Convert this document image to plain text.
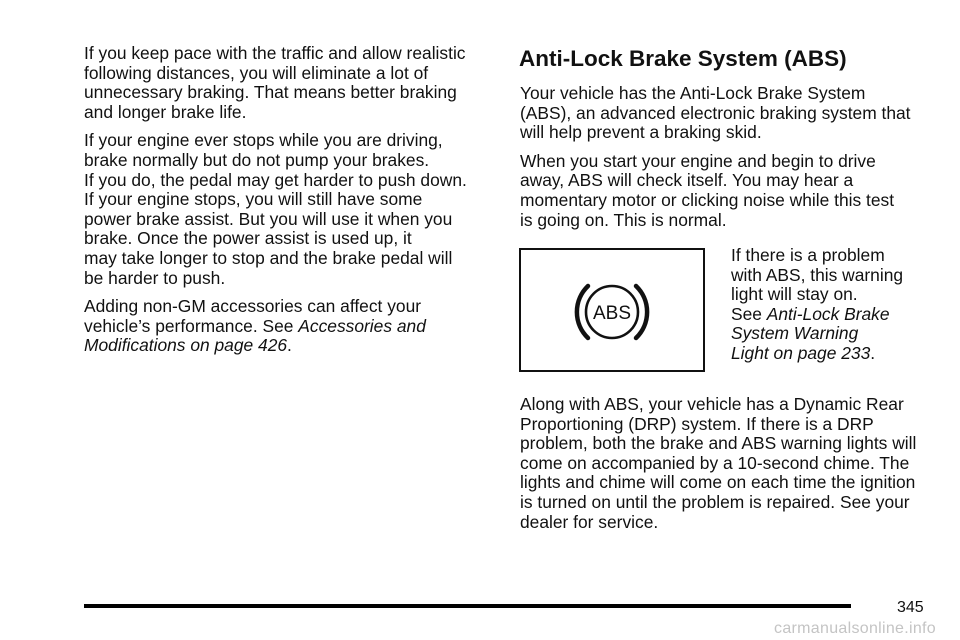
If you keep pace with the traffic and allow realistic
following distances, you will eliminate a lot of
unnecessary braking. That means better braking
and longer brake life.

If your engine ever stops while you are driving,
brake normally but do not pump your brakes.
If you do, the pedal may get harder to push down.
If your engine stops, you will still have some
power brake assist. But you will use it when you
brake. Once the power assist is used up, it
may take longer to stop and the brake pedal will
be harder to push.

Adding non-GM accessories can affect your
vehicle’s performance. See Accessories and
Modifications on page 426.

Anti-Lock Brake System (ABS)

Your vehicle has the Anti-Lock Brake System
(ABS), an advanced electronic braking system that
will help prevent a braking skid.

When you start your engine and begin to drive
away, ABS will check itself. You may hear a
momentary motor or clicking noise while this test
is going on. This is normal.

ABS

If there is a problem

with ABS, this warning

light will stay on.

See Anti-Lock Brake

System Warning

Light on page 233.

Along with ABS, your vehicle has a Dynamic Rear

Proportioning (DRP) system. If there is a DRP

problem, both the brake and ABS warning lights will

come on accompanied by a 10-second chime. The

lights and chime will come on each time the ignition

is turned on until the problem is repaired. See your

dealer for service.

345
carmanualsonline.info
